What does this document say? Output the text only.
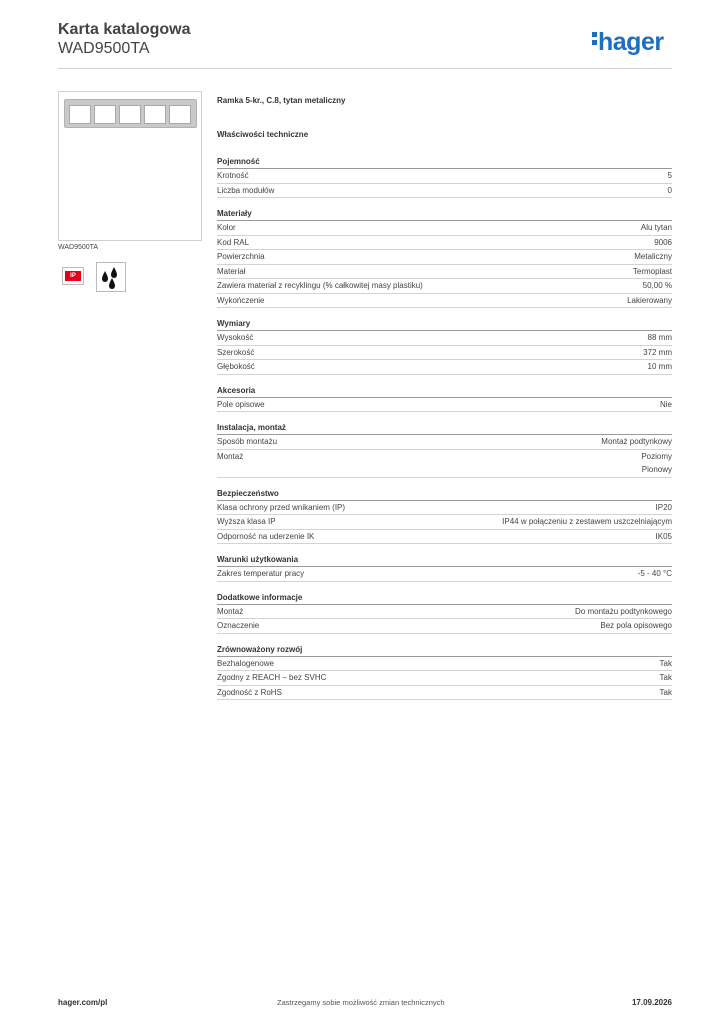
Karta katalogowa
WAD9500TA	hager
WAD9500TA
IP
Ramka 5-kr., C.8, tytan metaliczny
Właściwości techniczne
Pojemność
Krotność	5
Liczba modułów	0
Materiały
Kolor	Alu tytan
Kod RAL	9006
Powierzchnia	Metaliczny
Materiał	Termoplast
Zawiera materiał z recyklingu (% całkowitej masy plastiku)	50,00 %
Wykończenie	Lakierowany
Wymiary
Wysokość	88 mm
Szerokość	372 mm
Głębokość	10 mm
Akcesoria
Pole opisowe	Nie
Instalacja, montaż
Sposób montażu	Montaż podtynkowy
Montaż	Poziomy
Pionowy
Bezpieczeństwo
Klasa ochrony przed wnikaniem (IP)	IP20
Wyższa klasa IP	IP44 w połączeniu z zestawem uszczelniającym
Odporność na uderzenie IK	IK05
Warunki użytkowania
Zakres temperatur pracy	-5 - 40 °C
Dodatkowe informacje
Montaż	Do montażu podtynkowego
Oznaczenie	Bez pola opisowego
Zrównoważony rozwój
Bezhalogenowe	Tak
Zgodny z REACH – bez SVHC	Tak
Zgodność z RoHS	Tak
hager.com/pl	Zastrzegamy sobie możliwość zmian technicznych	17.09.2026
